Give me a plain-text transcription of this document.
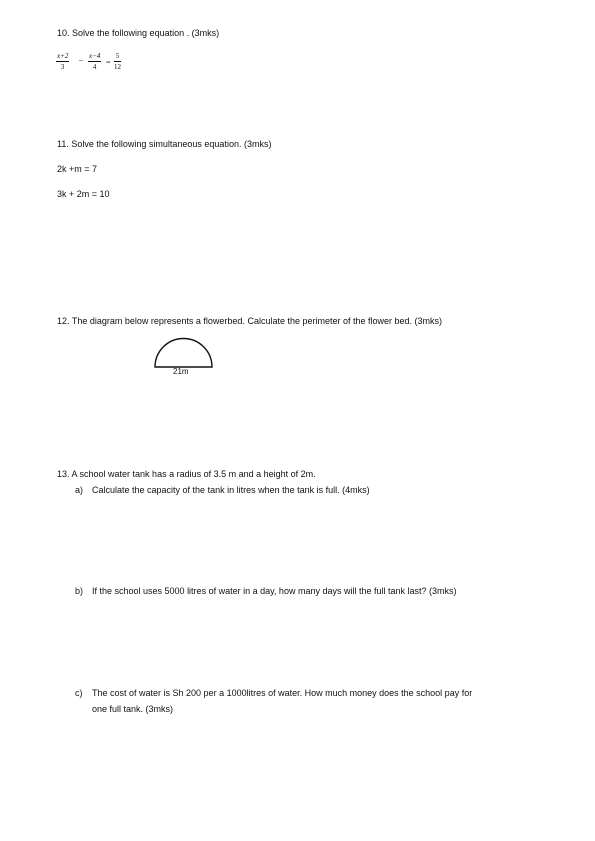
10. Solve the following equation . (3mks)
x+2
3
– x−4
4 =
5
12
11. Solve the following simultaneous equation. (3mks)
2k +m = 7
3k + 2m = 10
12. The diagram below represents a flowerbed. Calculate the perimeter of the flower bed. (3mks)
21m
13. A school water tank has a radius of 3.5 m and a height of 2m.
a) Calculate the capacity of the tank in litres when the tank is full. (4mks)
b) If the school uses 5000 litres of water in a day, how many days will the full tank last? (3mks)
c) The cost of water is Sh 200 per a 1000litres of water. How much money does the school pay for
one full tank. (3mks)
